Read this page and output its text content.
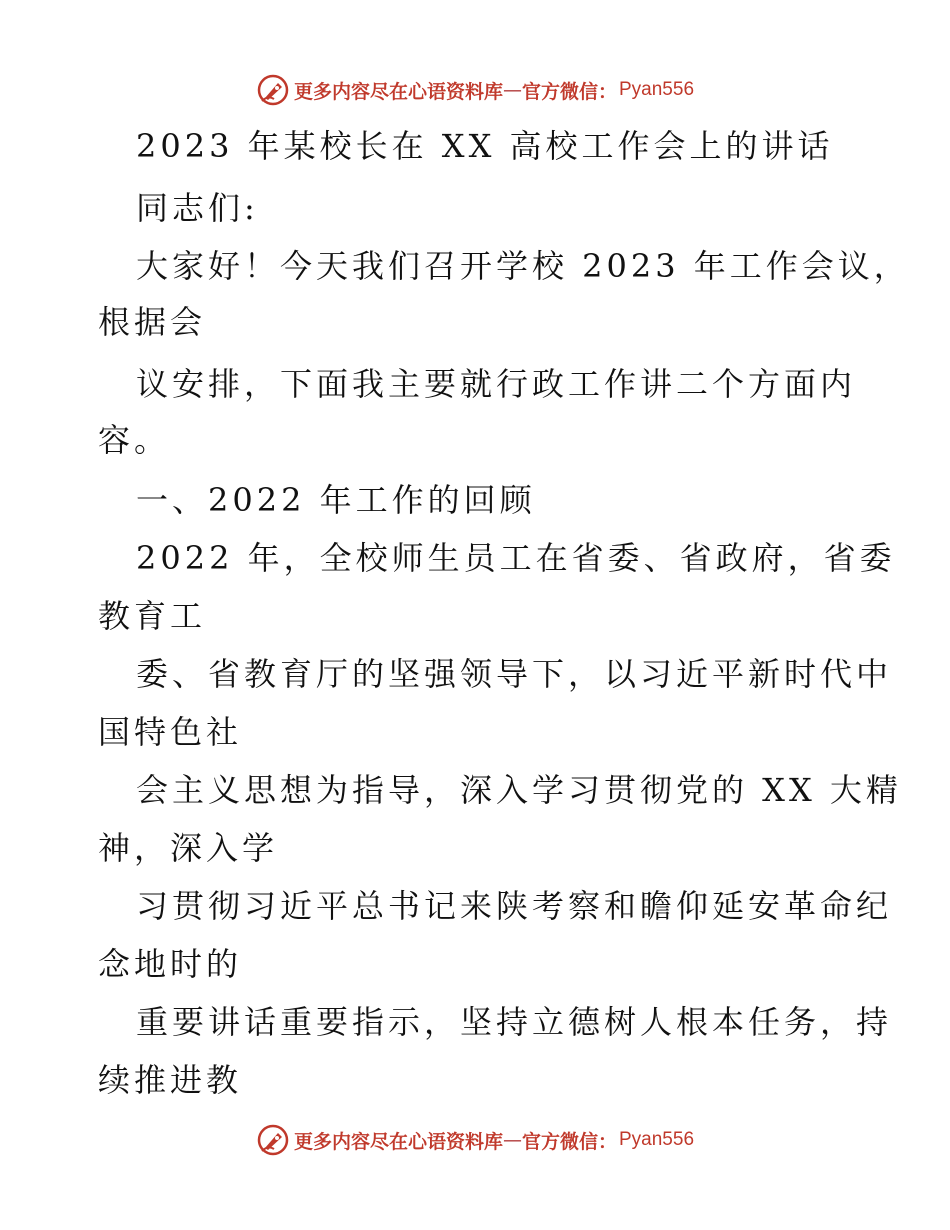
更多内容尽在心语资料库 — 官方微信： Pyan556
2023 年某校长在 XX 高校工作会上的讲话
同志们:
大家好！今天我们召开学校 2023 年工作会议，
根据会
议安排，下面我主要就行政工作讲二个方面内
容。
一、2022 年工作的回顾
2022 年，全校师生员工在省委、省政府，省委
教育工
委、省教育厅的坚强领导下，以习近平新时代中
国特色社
会主义思想为指导，深入学习贯彻党的 XX 大精
神，深入学
习贯彻习近平总书记来陕考察和瞻仰延安革命纪
念地时的
重要讲话重要指示，坚持立德树人根本任务，持
续推进教
更多内容尽在心语资料库 — 官方微信： Pyan556
